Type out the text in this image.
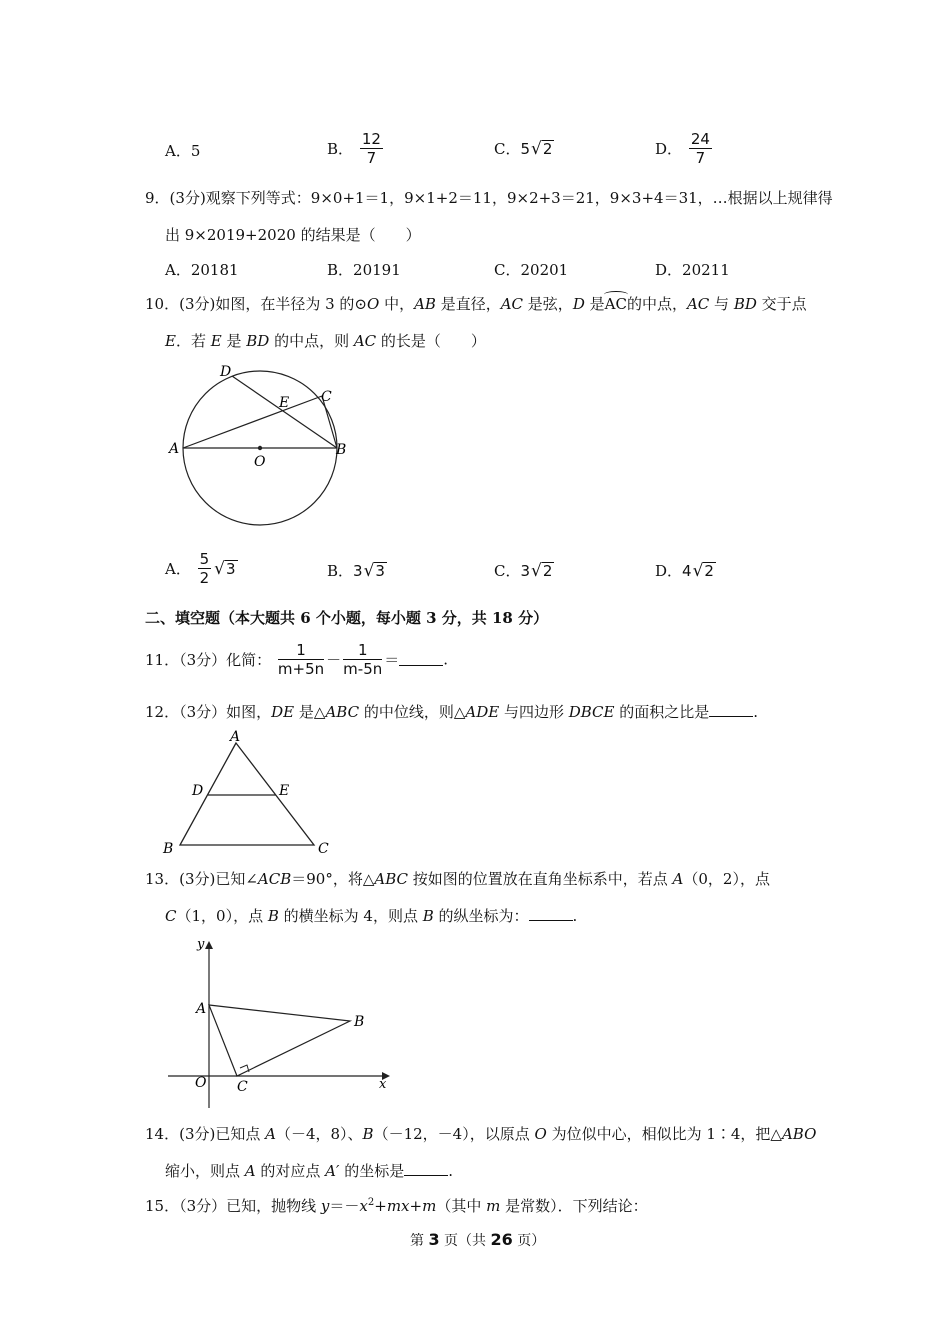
A．5	B． $\frac{12}{7}$	C．5√2	D． $\frac{24}{7}$
9．(3分)观察下列等式：9×0+1＝1，9×1+2＝11，9×2+3＝21，9×3+4＝31，…根据以上规律得
出 9×2019+2020 的结果是（　　）
A．20181	B．20191	C．20201	D．20211
10．(3分)如图，在半径为 3 的⊙O 中，AB 是直径，AC 是弦，D 是AC的中点，AC 与 BD 交于点
E．若 E 是 BD 的中点，则 AC 的长是（　　）
A	B
C
D
E
O
A． $\frac{5}{2} √3$	B．3√3	C．3√2	D．4√2
二、填空题（本大题共 6 个小题，每小题 3 分，共 18 分）
11．（3分）化简： $\frac{1}{m+5n} - \frac{1}{m-5n}$ ＝	.
12．（3分）如图，DE 是△ABC 的中位线，则△ADE 与四边形 DBCE 的面积之比是	.
A
B	C
D	E
13．(3分)已知∠ACB＝90°，将△ABC 按如图的位置放在直角坐标系中，若点 A（0，2），点
C（1，0），点 B 的横坐标为 4，则点 B 的纵坐标为：	.
A
B
C
O	x
y
14．(3分)已知点 A（－4，8）、B（－12，－4），以原点 O 为位似中心，相似比为 1∶4，把△ABO
缩小，则点 A 的对应点 A′ 的坐标是	.
15．（3分）已知，抛物线 $y=-x^2+mx+m$（其中 m 是常数）．下列结论：
第 3 页（共 26 页）
